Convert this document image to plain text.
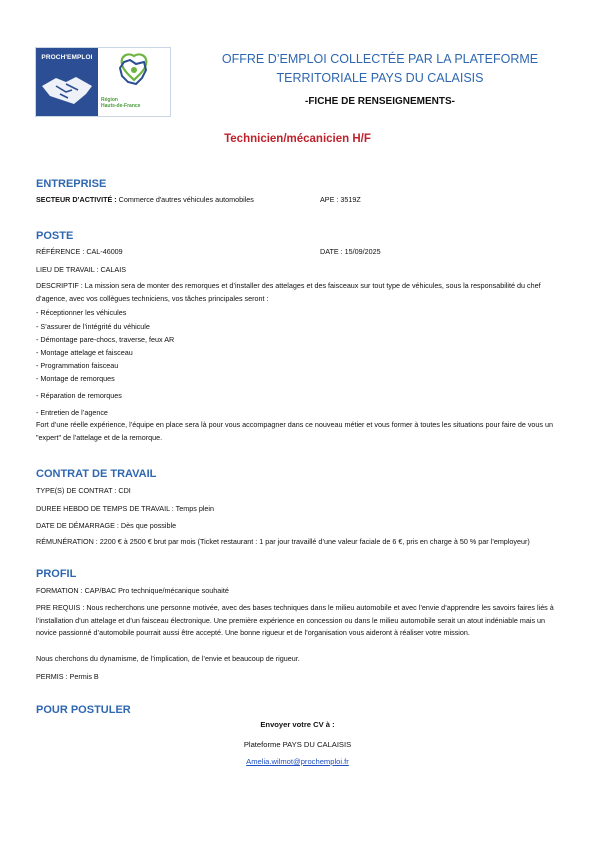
PROCH'EMPLOI
Région
Hauts-de-France
OFFRE D’EMPLOI COLLECTÉE PAR LA PLATEFORME
TERRITORIALE PAYS DU CALAISIS
-FICHE DE RENSEIGNEMENTS-
Technicien/mécanicien H/F
ENTREPRISE
SECTEUR D’ACTIVITÉ : Commerce d'autres véhicules automobiles	APE : 3519Z
POSTE
RÉFÉRENCE : CAL-46009	DATE : 15/09/2025
LIEU DE TRAVAIL : CALAIS
DESCRIPTIF : La mission sera de monter des remorques et d’installer des attelages et des faisceaux sur tout type de véhicules, sous la responsabilité du chef d’agence, avec vos collègues techniciens, vos tâches principales seront :
- Réceptionner les véhicules
- S’assurer de l’intégrité du véhicule
- Démontage pare-chocs, traverse, feux AR
- Montage attelage et faisceau
- Programmation faisceau
- Montage de remorques
- Réparation de remorques
- Entretien de l’agence
Fort d’une réelle expérience, l’équipe en place sera là pour vous accompagner dans ce nouveau métier et vous former à toutes les situations pour faire de vous un "expert" de l’attelage et de la remorque.
CONTRAT DE TRAVAIL
TYPE(S) DE CONTRAT : CDI
DUREE HEBDO DE TEMPS DE TRAVAIL : Temps plein
DATE DE DÉMARRAGE : Dès que possible
RÉMUNÉRATION : 2200 € à 2500 € brut par mois (Ticket restaurant : 1 par jour travaillé d’une valeur faciale de 6 €, pris en charge à 50 % par l’employeur)
PROFIL
FORMATION : CAP/BAC Pro technique/mécanique souhaité
PRE REQUIS : Nous recherchons une personne motivée, avec des bases techniques dans le milieu automobile et avec l’envie d’apprendre les savoirs faires liés à l’installation d’un attelage et d’un faisceau électronique. Une première expérience en concession ou dans le milieu automobile serait un atout indéniable mais un novice passionné d’automobile pourrait aussi être accepté. Une bonne rigueur et de l’organisation vous aideront à réaliser votre mission.
Nous cherchons du dynamisme, de l’implication, de l’envie et beaucoup de rigueur.
PERMIS : Permis B
POUR POSTULER
Envoyer votre CV à :
Plateforme PAYS DU CALAISIS
Amelia.wilmot@prochemploi.fr
